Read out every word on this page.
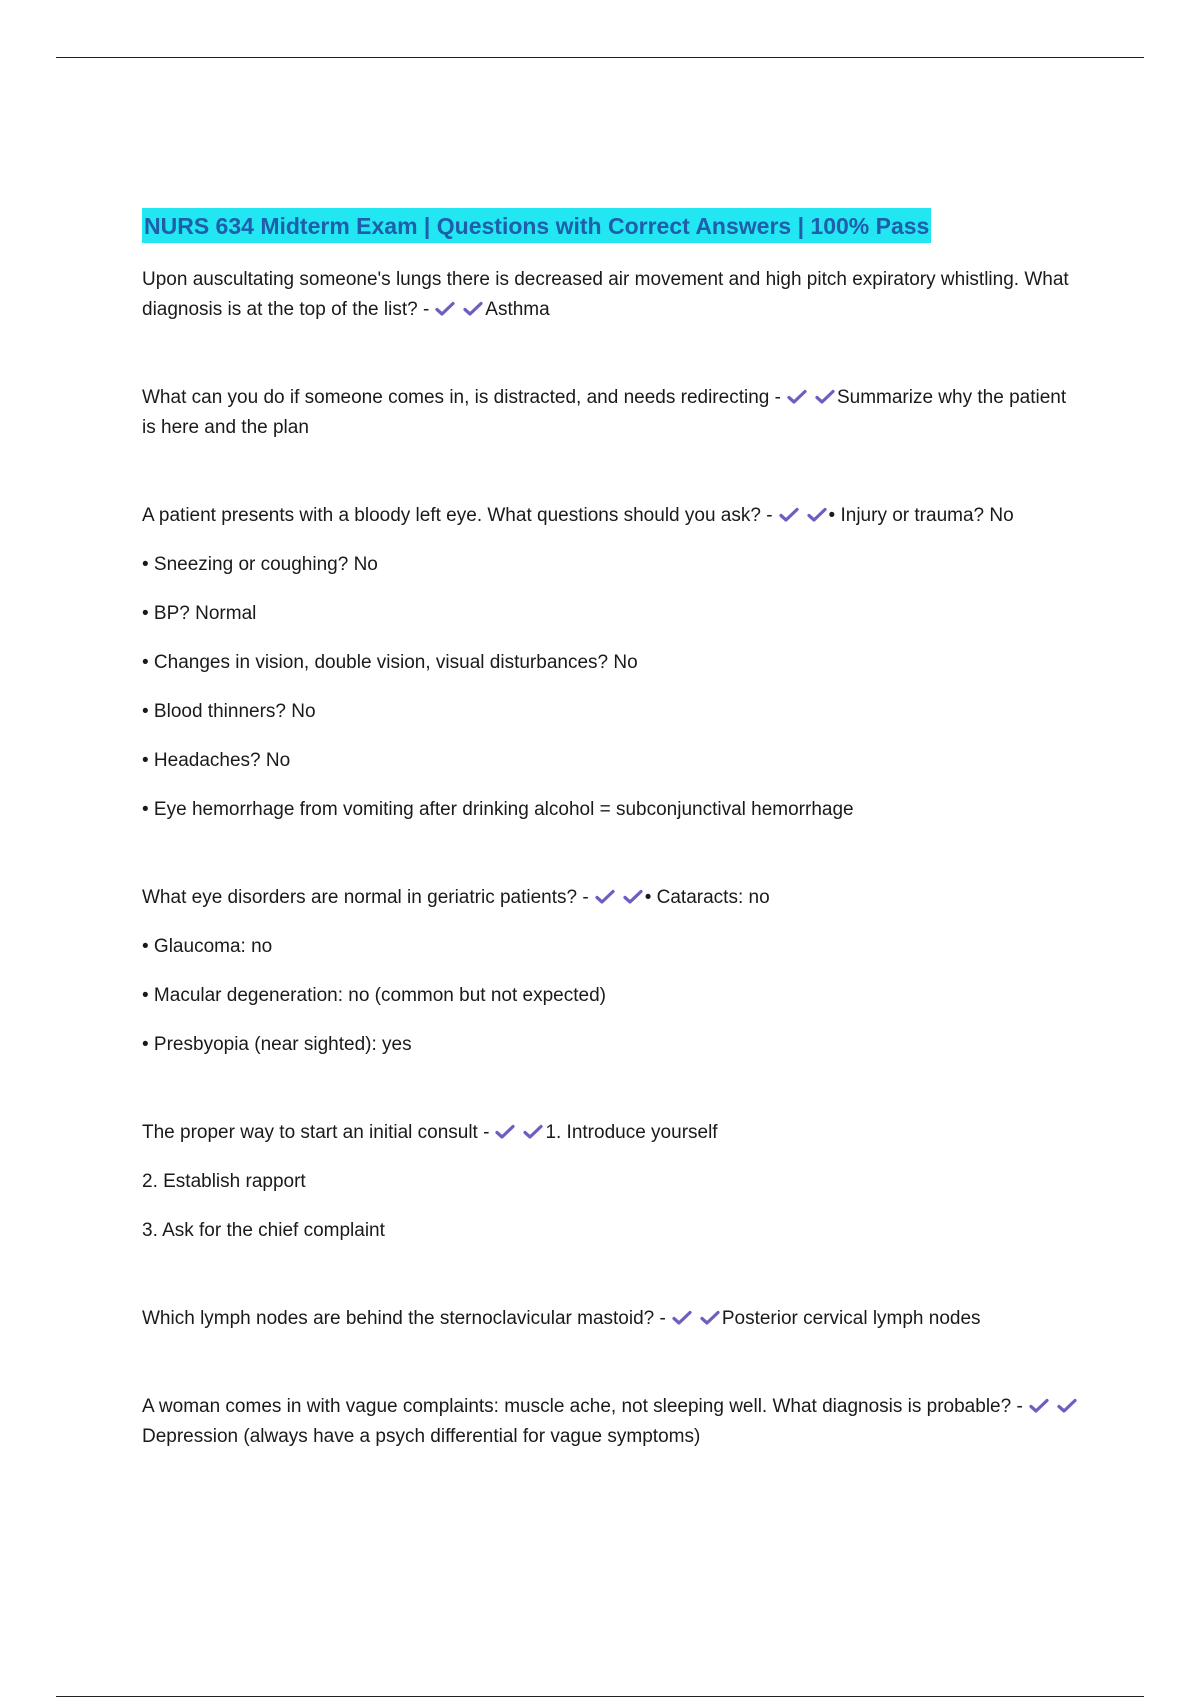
NURS 634 Midterm Exam | Questions with Correct Answers | 100% Pass

Upon auscultating someone's lungs there is decreased air movement and high pitch expiratory whistling. What diagnosis is at the top of the list? -	Asthma

What can you do if someone comes in, is distracted, and needs redirecting -	Summarize why the patient is here and the plan

A patient presents with a bloody left eye. What questions should you ask? -	• Injury or trauma? No

• Sneezing or coughing? No

• BP? Normal

• Changes in vision, double vision, visual disturbances? No

• Blood thinners? No

• Headaches? No

• Eye hemorrhage from vomiting after drinking alcohol = subconjunctival hemorrhage

What eye disorders are normal in geriatric patients? -	• Cataracts: no

• Glaucoma: no

• Macular degeneration: no (common but not expected)

• Presbyopia (near sighted): yes

The proper way to start an initial consult -	1. Introduce yourself

2. Establish rapport

3. Ask for the chief complaint

Which lymph nodes are behind the sternoclavicular mastoid? -	Posterior cervical lymph nodes

A woman comes in with vague complaints: muscle ache, not sleeping well. What diagnosis is probable? -
Depression (always have a psych differential for vague symptoms)
